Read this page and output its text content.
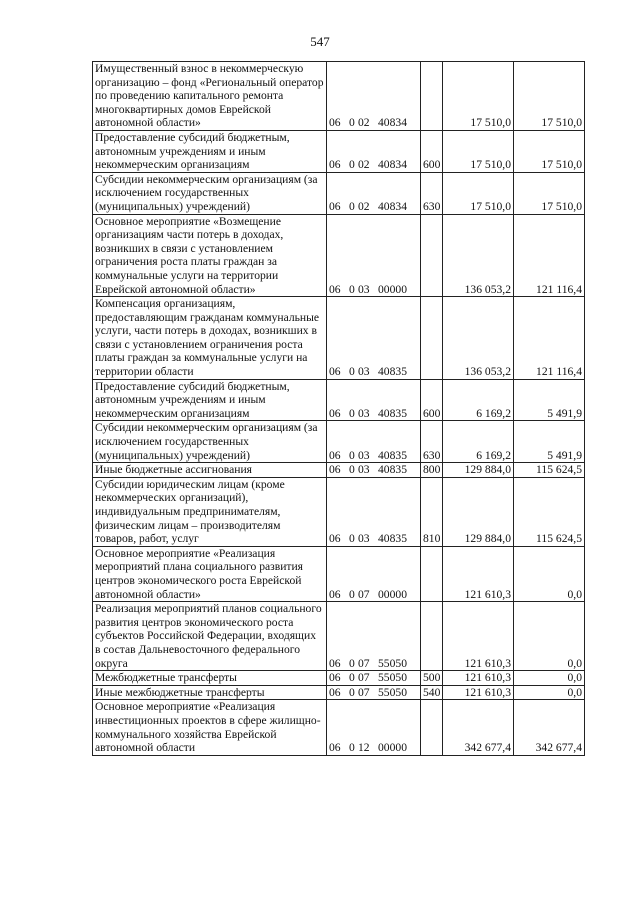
547
Имущественный взнос в некоммерческую организацию – фонд «Региональный оператор по проведению капитального ремонта многоквартирных домов Еврейской автономной области»	06 0 02 40834		17 510,0	17 510,0
Предоставление субсидий бюджетным, автономным учреждениям и иным некоммерческим организациям	06 0 02 40834	600	17 510,0	17 510,0
Субсидии некоммерческим организациям (за исключением государственных (муниципальных) учреждений)	06 0 02 40834	630	17 510,0	17 510,0
Основное мероприятие «Возмещение организациям части потерь в доходах, возникших в связи с установлением ограничения роста платы граждан за коммунальные услуги на территории Еврейской автономной области»	06 0 03 00000		136 053,2	121 116,4
Компенсация организациям, предоставляющим гражданам коммунальные услуги, части потерь в доходах, возникших в связи с установлением ограничения роста платы граждан за коммунальные услуги на территории области	06 0 03 40835		136 053,2	121 116,4
Предоставление субсидий бюджетным, автономным учреждениям и иным некоммерческим организациям	06 0 03 40835	600	6 169,2	5 491,9
Субсидии некоммерческим организациям (за исключением государственных (муниципальных) учреждений)	06 0 03 40835	630	6 169,2	5 491,9
Иные бюджетные ассигнования	06 0 03 40835	800	129 884,0	115 624,5
Субсидии юридическим лицам (кроме некоммерческих организаций), индивидуальным предпринимателям, физическим лицам – производителям товаров, работ, услуг	06 0 03 40835	810	129 884,0	115 624,5
Основное мероприятие «Реализация мероприятий плана социального развития центров экономического роста Еврейской автономной области»	06 0 07 00000		121 610,3	0,0
Реализация мероприятий планов социального развития центров экономического роста субъектов Российской Федерации, входящих в состав Дальневосточного федерального округа	06 0 07 55050		121 610,3	0,0
Межбюджетные трансферты	06 0 07 55050	500	121 610,3	0,0
Иные межбюджетные трансферты	06 0 07 55050	540	121 610,3	0,0
Основное мероприятие «Реализация инвестиционных проектов в сфере жилищно-коммунального хозяйства Еврейской автономной области	06 0 12 00000		342 677,4	342 677,4
